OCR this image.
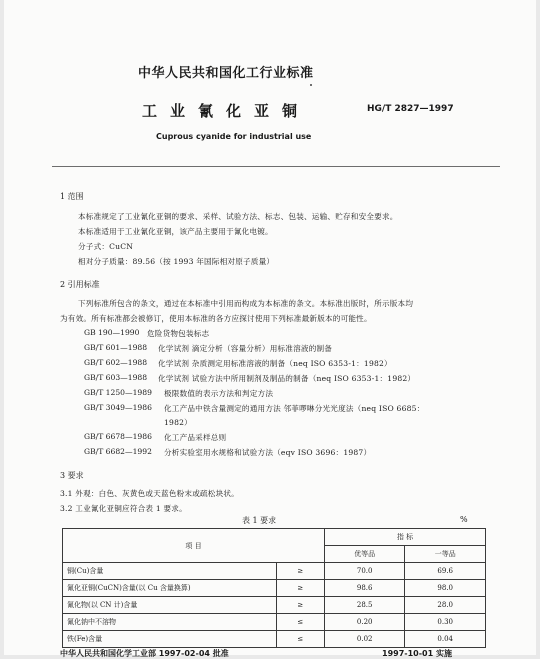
中华人民共和国化工行业标准
工业氰化亚铜	HG/T 2827—1997
Cuprous cyanide for industrial use
1 范围
本标准规定了工业氰化亚铜的要求、采样、试验方法、标志、包装、运输、贮存和安全要求。
本标准适用于工业氰化亚铜，该产品主要用于氰化电镀。
分子式：CuCN
相对分子质量：89.56（按 1993 年国际相对原子质量）
2 引用标准
下列标准所包含的条文，通过在本标准中引用而构成为本标准的条文。本标准出版时，所示版本均
为有效。所有标准都会被修订，使用本标准的各方应探讨使用下列标准最新版本的可能性。
GB 190—1990 危险货物包装标志
GB/T 601—1988 化学试剂 滴定分析（容量分析）用标准溶液的制备
GB/T 602—1988 化学试剂 杂质测定用标准溶液的制备（neq ISO 6353-1：1982）
GB/T 603—1988 化学试剂 试验方法中所用制剂及制品的制备（neq ISO 6353-1：1982）
GB/T 1250—1989 极限数值的表示方法和判定方法
GB/T 3049—1986 化工产品中铁含量测定的通用方法 邻菲啰啉分光光度法（neq ISO 6685：
1982）
GB/T 6678—1986 化工产品采样总则
GB/T 6682—1992 分析实验室用水规格和试验方法（eqv ISO 3696：1987）
3 要求
3.1 外观：白色、灰黄色或天蓝色粉末或疏松块状。
3.2 工业氰化亚铜应符合表 1 要求。
表 1 要求	%
项 目		指 标	
		优等品	一等品
铜(Cu)含量	≥	70.0	69.6
氰化亚铜(CuCN)含量(以 Cu 含量换算)	≥	98.6	98.0
氰化物(以 CN 计)含量	≥	28.5	28.0
氰化钠中不溶物	≤	0.20	0.30
铁(Fe)含量	≤	0.02	0.04
中华人民共和国化学工业部 1997-02-04 批准	1997-10-01 实施
